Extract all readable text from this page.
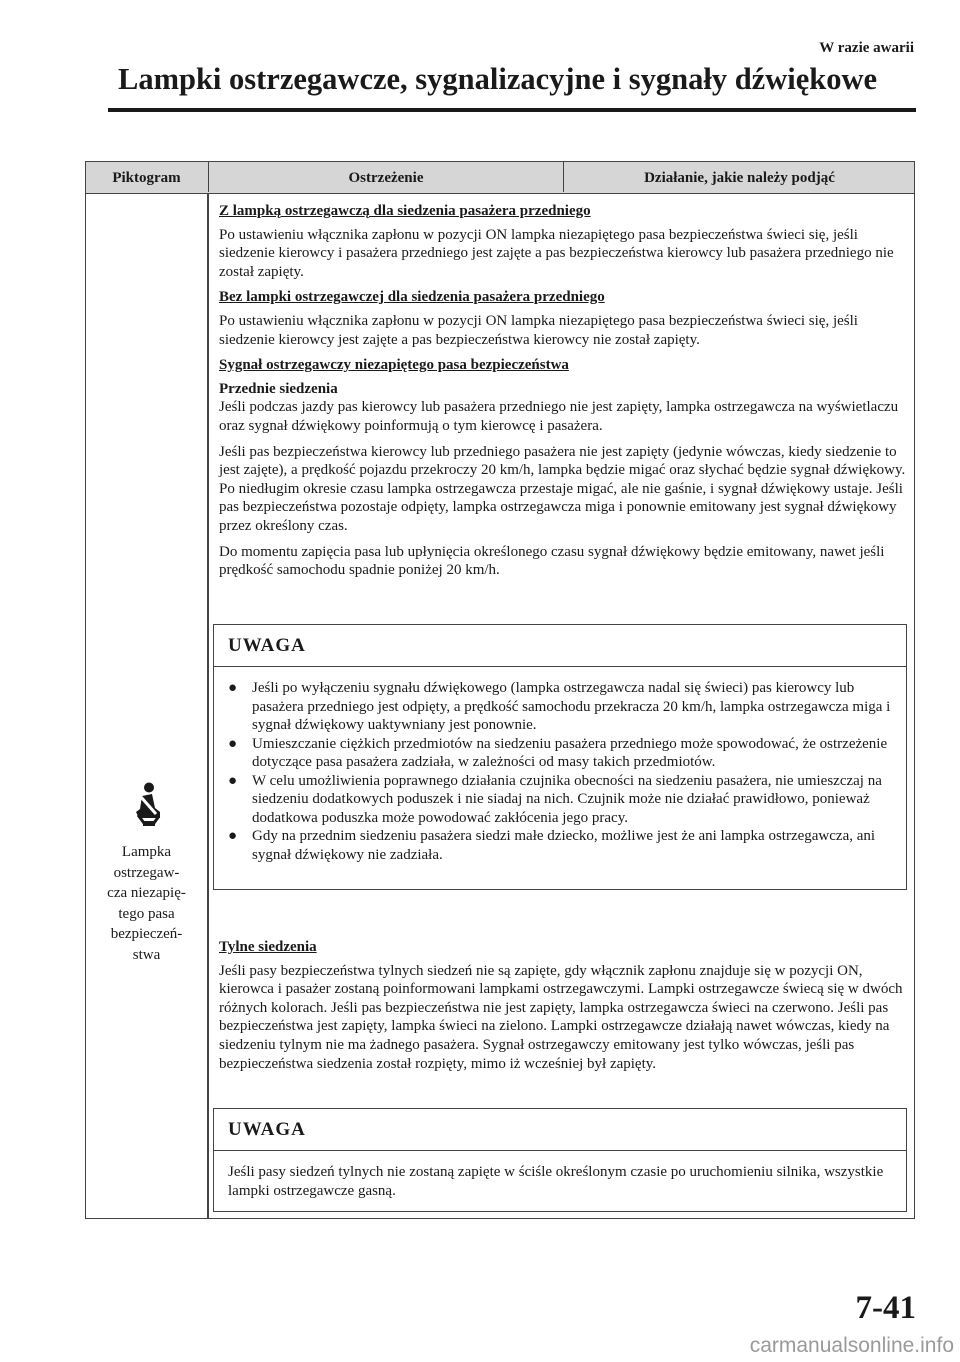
W razie awarii
Lampki ostrzegawcze, sygnalizacyjne i sygnały dźwiękowe
Piktogram	Ostrzeżenie	Działanie, jakie należy podjąć
Lampka
ostrzegaw-
cza niezapię-
tego pasa
bezpieczeń-
stwa

Z lampką ostrzegawczą dla siedzenia pasażera przedniego

Po ustawieniu włącznika zapłonu w pozycji ON lampka niezapiętego pasa bezpieczeństwa świeci się, jeśli siedzenie kierowcy i pasażera przedniego jest zajęte a pas bezpieczeństwa kierowcy lub pasażera przedniego nie został zapięty.

Bez lampki ostrzegawczej dla siedzenia pasażera przedniego

Po ustawieniu włącznika zapłonu w pozycji ON lampka niezapiętego pasa bezpieczeństwa świeci się, jeśli siedzenie kierowcy jest zajęte a pas bezpieczeństwa kierowcy nie został zapięty.

Sygnał ostrzegawczy niezapiętego pasa bezpieczeństwa

Przednie siedzenia
Jeśli podczas jazdy pas kierowcy lub pasażera przedniego nie jest zapięty, lampka ostrzegawcza na wyświetlaczu oraz sygnał dźwiękowy poinformują o tym kierowcę i pasażera.

Jeśli pas bezpieczeństwa kierowcy lub przedniego pasażera nie jest zapięty (jedynie wówczas, kiedy siedzenie to jest zajęte), a prędkość pojazdu przekroczy 20 km/h, lampka będzie migać oraz słychać będzie sygnał dźwiękowy. Po niedługim okresie czasu lampka ostrzegawcza przestaje migać, ale nie gaśnie, i sygnał dźwiękowy ustaje. Jeśli pas bezpieczeństwa pozostaje odpięty, lampka ostrzegawcza miga i ponownie emitowany jest sygnał dźwiękowy przez określony czas.

Do momentu zapięcia pasa lub upłynięcia określonego czasu sygnał dźwiękowy będzie emitowany, nawet jeśli prędkość samochodu spadnie poniżej 20 km/h.

UWAGA
● Jeśli po wyłączeniu sygnału dźwiękowego (lampka ostrzegawcza nadal się świeci) pas kierowcy lub pasażera przedniego jest odpięty, a prędkość samochodu przekracza 20 km/h, lampka ostrzegawcza miga i sygnał dźwiękowy uaktywniany jest ponownie.
● Umieszczanie ciężkich przedmiotów na siedzeniu pasażera przedniego może spowodować, że ostrzeżenie dotyczące pasa pasażera zadziała, w zależności od masy takich przedmiotów.
● W celu umożliwienia poprawnego działania czujnika obecności na siedzeniu pasażera, nie umieszczaj na siedzeniu dodatkowych poduszek i nie siadaj na nich. Czujnik może nie działać prawidłowo, ponieważ dodatkowa poduszka może powodować zakłócenia jego pracy.
● Gdy na przednim siedzeniu pasażera siedzi małe dziecko, możliwe jest że ani lampka ostrzegawcza, ani sygnał dźwiękowy nie zadziała.

Tylne siedzenia

Jeśli pasy bezpieczeństwa tylnych siedzeń nie są zapięte, gdy włącznik zapłonu znajduje się w pozycji ON, kierowca i pasażer zostaną poinformowani lampkami ostrzegawczymi. Lampki ostrzegawcze świecą się w dwóch różnych kolorach. Jeśli pas bezpieczeństwa nie jest zapięty, lampka ostrzegawcza świeci na czerwono. Jeśli pas bezpieczeństwa jest zapięty, lampka świeci na zielono. Lampki ostrzegawcze działają nawet wówczas, kiedy na siedzeniu tylnym nie ma żadnego pasażera. Sygnał ostrzegawczy emitowany jest tylko wówczas, jeśli pas bezpieczeństwa siedzenia został rozpięty, mimo iż wcześniej był zapięty.

UWAGA
Jeśli pasy siedzeń tylnych nie zostaną zapięte w ściśle określonym czasie po uruchomieniu silnika, wszystkie lampki ostrzegawcze gasną.
7-41
carmanualsonline.info
